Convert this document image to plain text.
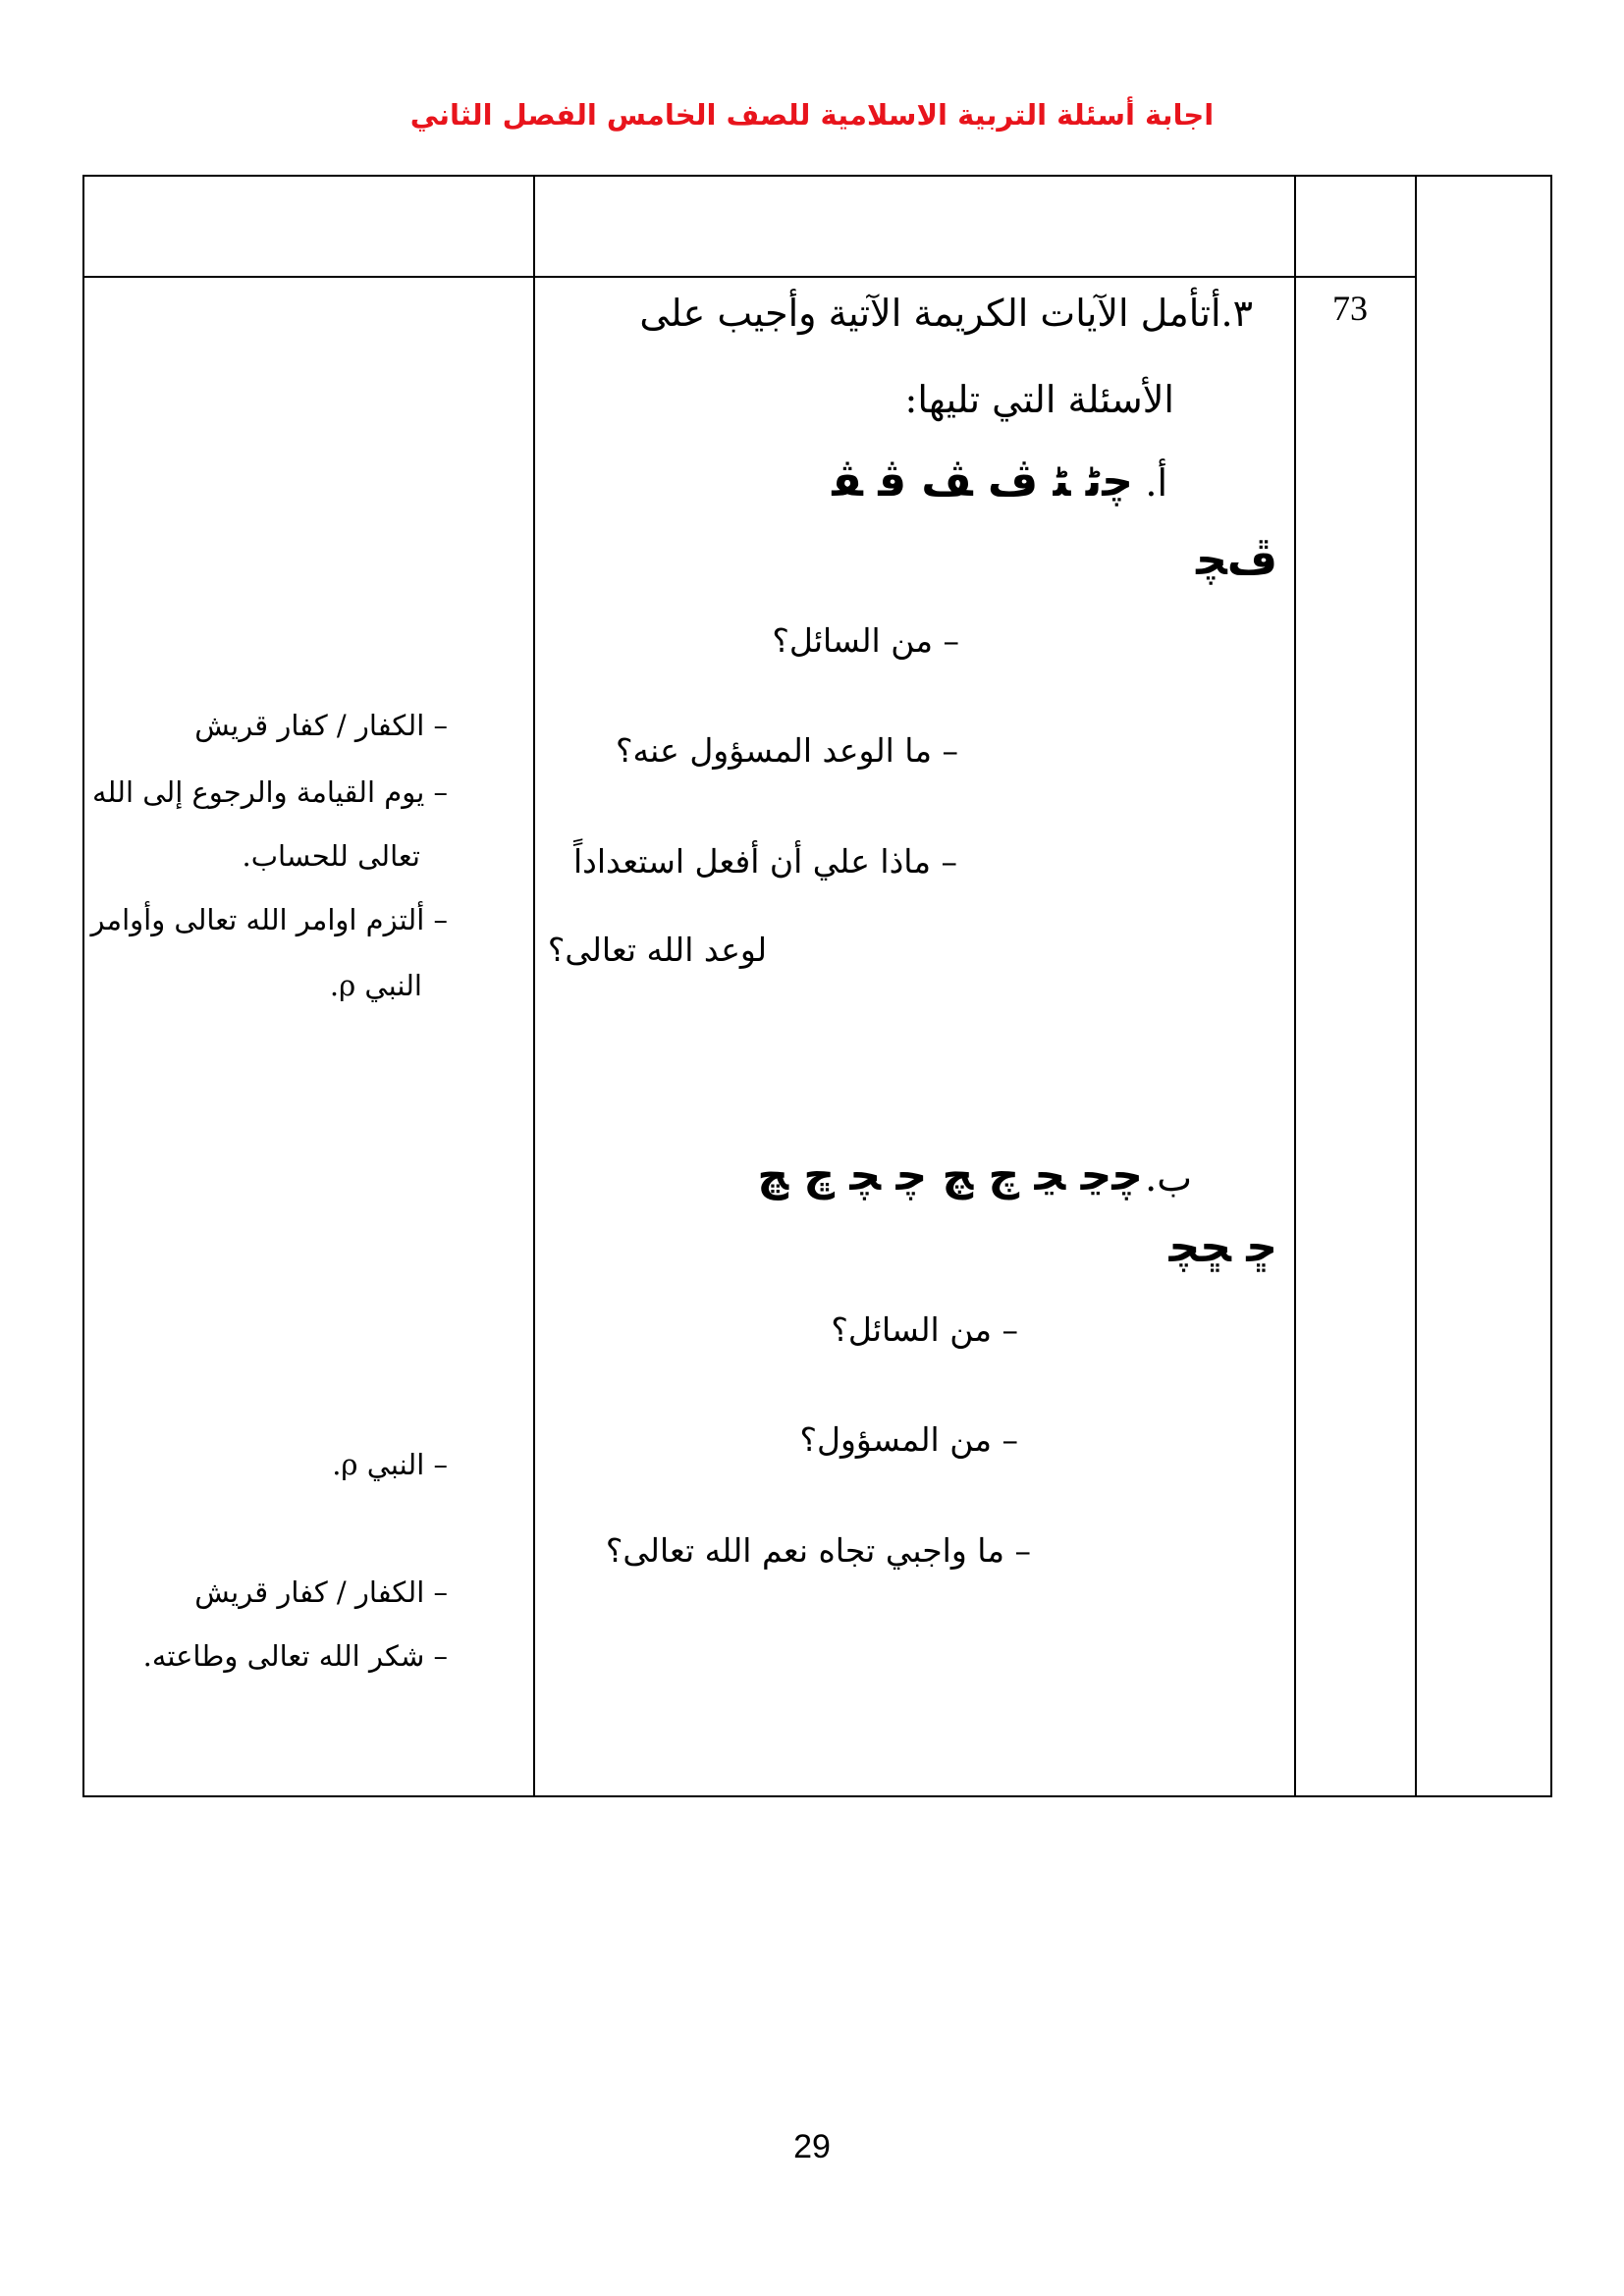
اجابة أسئلة التربية الاسلامية للصف الخامس الفصل الثاني
73
٣.أتأمل الآيات الكريمة الآتية وأجيب على
الأسئلة التي تليها:
أ.
ﭼﭨ ﭩ ﭪ ﭫ ﭬ ﭭ
ﭮﭽ
– من السائل؟
– ما الوعد المسؤول عنه؟
– ماذا علي أن أفعل استعداداً
لوعد الله تعالى؟
– الكفار / كفار قريش
– يوم القيامة والرجوع إلى الله
تعالى للحساب.
– ألتزم اوامر الله تعالى وأوامر
النبي ρ.
ب.
ﭼﭸ ﭹ ﭺ ﭻ ﭼ ﭽ ﭾ ﭿ
ﮀ ﮁﭽ
– من السائل؟
– من المسؤول؟
– ما واجبي تجاه نعم الله تعالى؟
– النبي ρ.
– الكفار / كفار قريش
– شكر الله تعالى وطاعته.
29
